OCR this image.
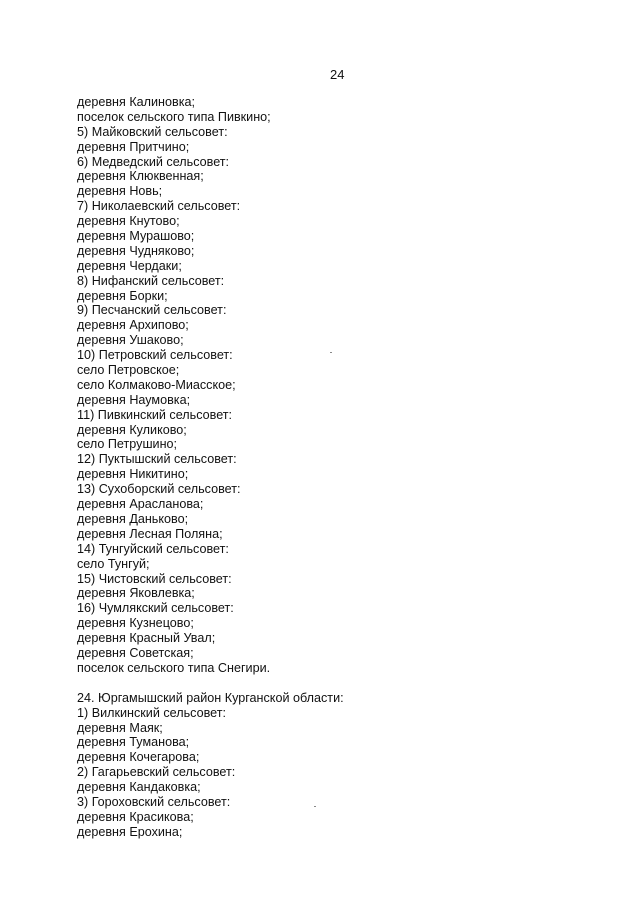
24
деревня Калиновка;
поселок сельского типа Пивкино;
5) Майковский сельсовет:
деревня Притчино;
6) Медведский сельсовет:
деревня Клюквенная;
деревня Новь;
7) Николаевский сельсовет:
деревня Кнутово;
деревня Мурашово;
деревня Чудняково;
деревня Чердаки;
8) Нифанский сельсовет:
деревня Борки;
9) Песчанский сельсовет:
деревня Архипово;
деревня Ушаково;
10) Петровский сельсовет:
село Петровское;
село Колмаково-Миасское;
деревня Наумовка;
11) Пивкинский сельсовет:
деревня Куликово;
село Петрушино;
12) Пуктышский сельсовет:
деревня Никитино;
13) Сухоборский сельсовет:
деревня Арасланова;
деревня Даньково;
деревня Лесная Поляна;
14) Тунгуйский сельсовет:
село Тунгуй;
15) Чистовский сельсовет:
деревня Яковлевка;
16) Чумлякский сельсовет:
деревня Кузнецово;
деревня Красный Увал;
деревня Советская;
поселок сельского типа Снегири.
24. Юргамышский район Курганской области:
1) Вилкинский сельсовет:
деревня Маяк;
деревня Туманова;
деревня Кочегарова;
2) Гагарьевский сельсовет:
деревня Кандаковка;
3) Гороховский сельсовет:
деревня Красикова;
деревня Ерохина;
